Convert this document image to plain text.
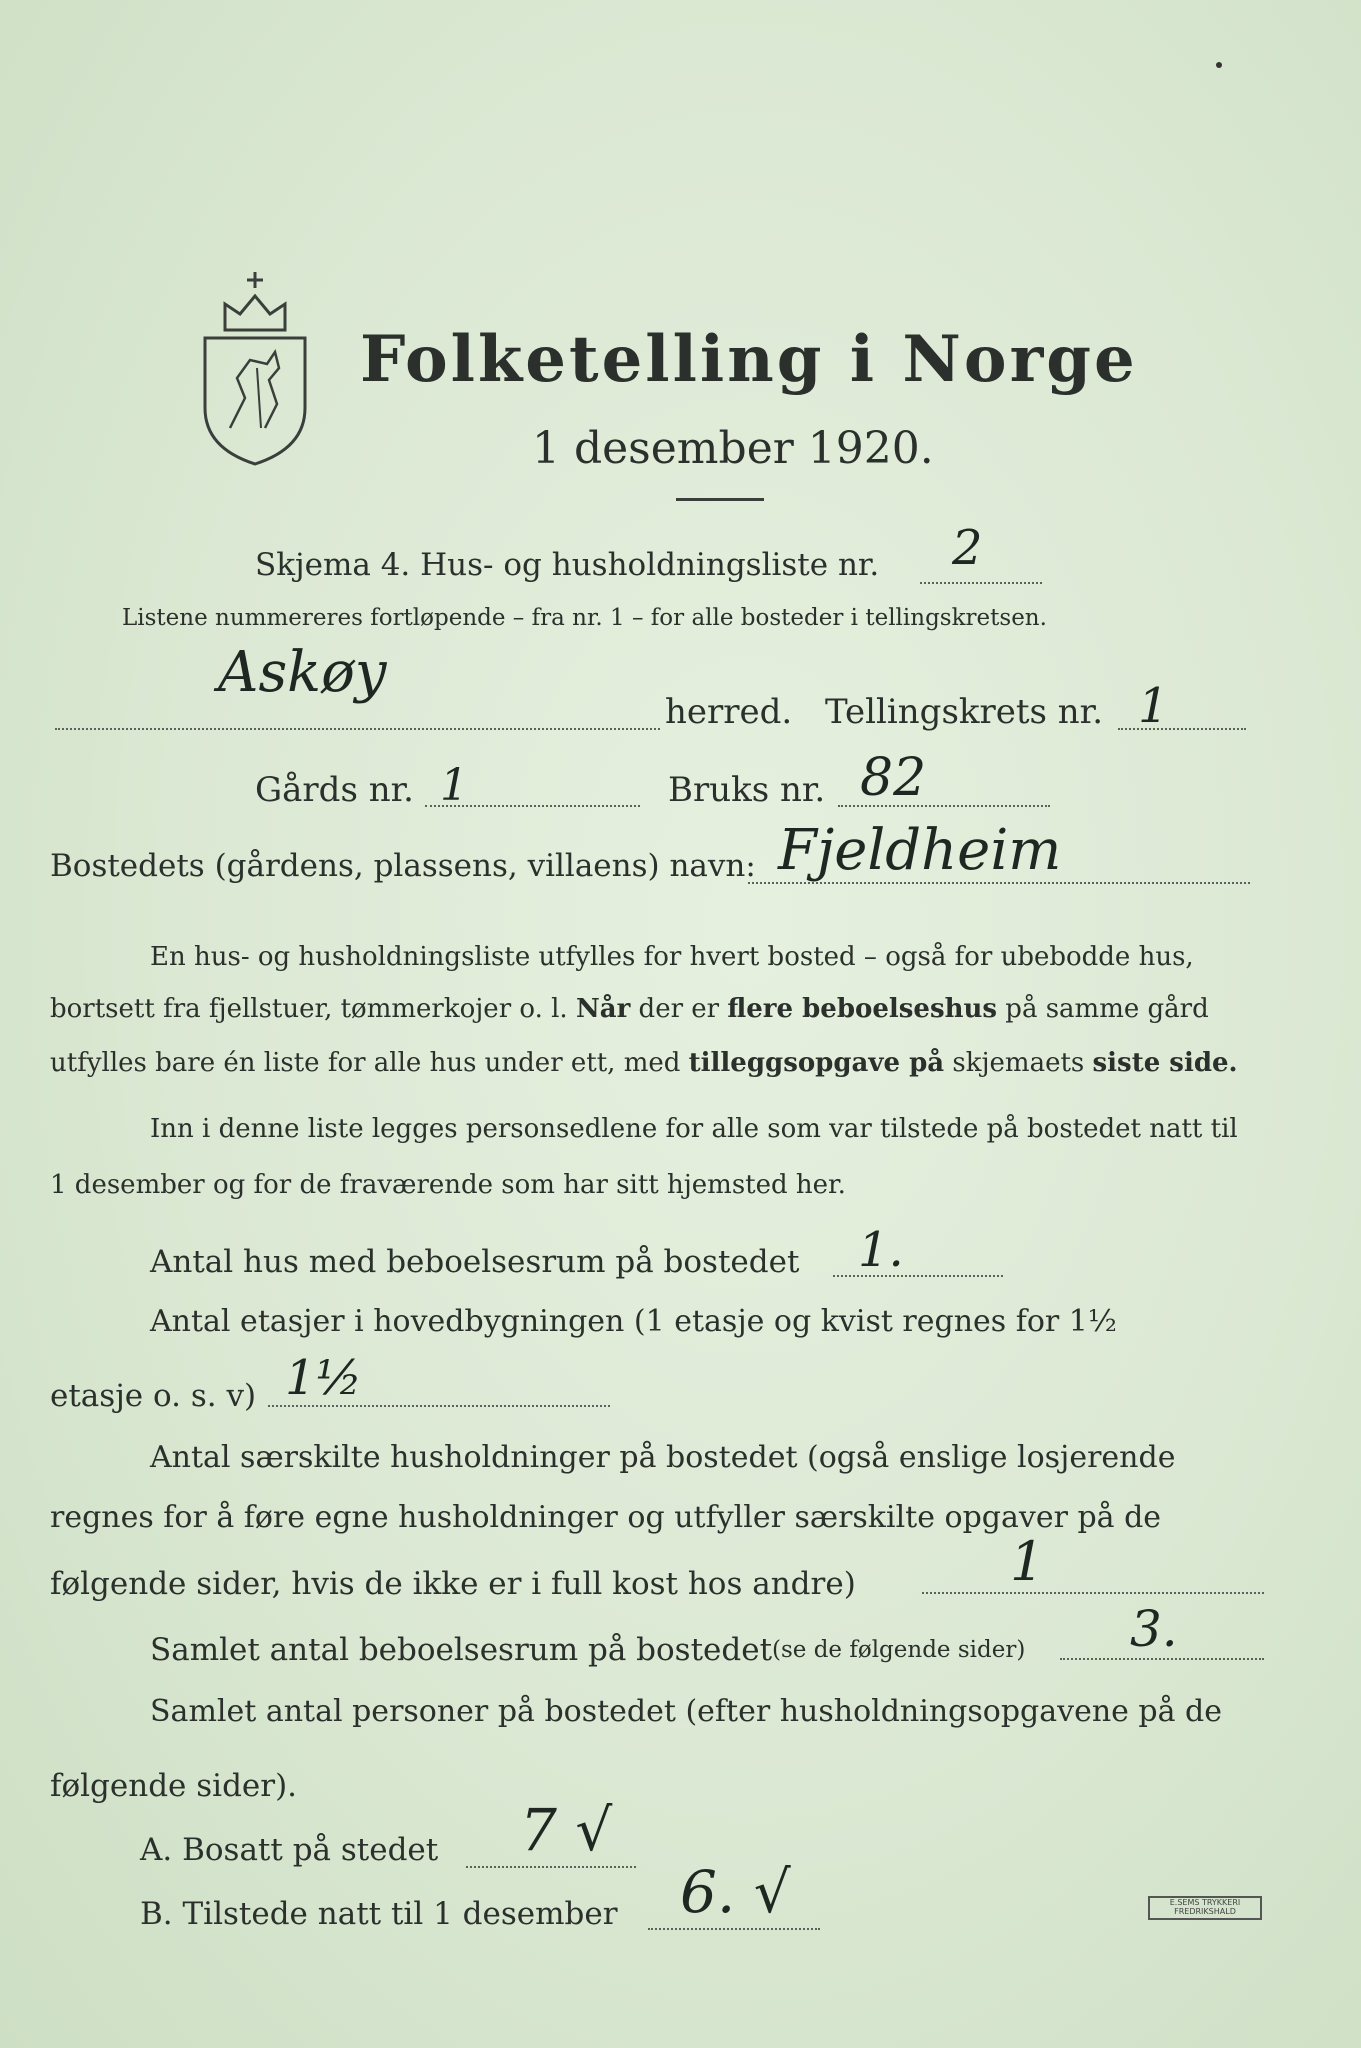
Folketelling i Norge
1 desember 1920.
Skjema 4. Hus- og husholdningsliste nr. 2
Listene nummereres fortløpende – fra nr. 1 – for alle bosteder i tellingskretsen.
Askøy
herred. Tellingskrets nr. 1
Gårds nr. 1	Bruks nr. 82
Bostedets (gårdens, plassens, villaens) navn: Fjeldheim
En hus- og husholdningsliste utfylles for hvert bosted – også for ubebodde hus,
bortsett fra fjellstuer, tømmerkojer o. l. Når der er flere beboelseshus på samme gård
utfylles bare én liste for alle hus under ett, med tilleggsopgave på skjemaets siste side.
Inn i denne liste legges personsedlene for alle som var tilstede på bostedet natt til
1 desember og for de fraværende som har sitt hjemsted her.
Antal hus med beboelsesrum på bostedet 1.
Antal etasjer i hovedbygningen (1 etasje og kvist regnes for 1½
etasje o. s. v) 1½
Antal særskilte husholdninger på bostedet (også enslige losjerende
regnes for å føre egne husholdninger og utfyller særskilte opgaver på de
følgende sider, hvis de ikke er i full kost hos andre)	1
Samlet antal beboelsesrum på bostedet (se de følgende sider) 3.
Samlet antal personer på bostedet (efter husholdningsopgavene på de
følgende sider).
A. Bosatt på stedet 7 √
B. Tilstede natt til 1 desember 6. √	E.SEMS TRYKKERI
FREDRIKSHALD
